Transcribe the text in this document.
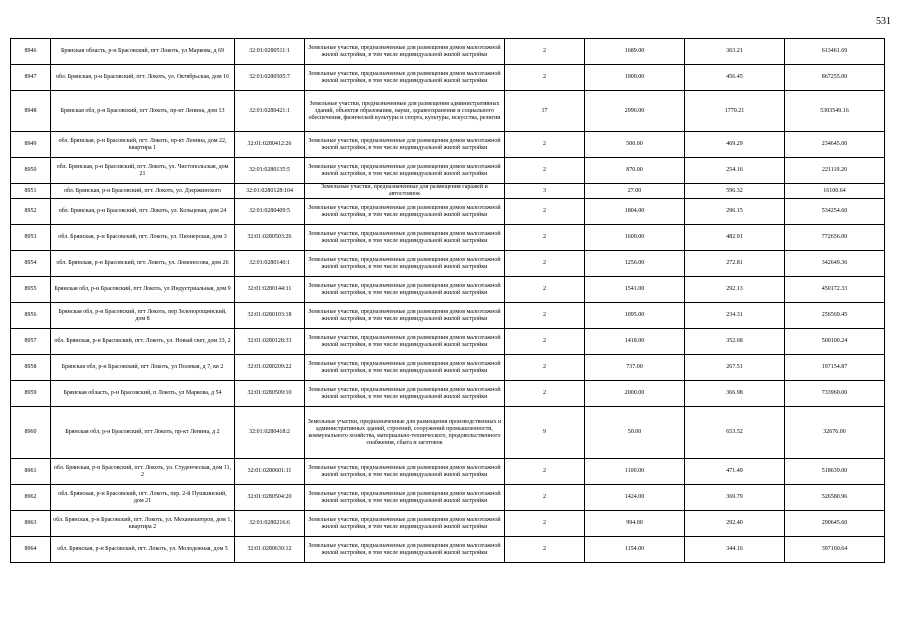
531
8946	Брянская область, р-н Брасовский, пгт Локоть, ул Маркова, д 69	32:01:0280511:1	Земельные участки, предназначенные для размещения домов малоэтажной жилой застройки, в том числе индивидуальной жилой застройки	2	1689.00	363.21	613461.69
8947	обл. Брянская, р-н Брасовский, пгт. Локоть, ул. Октябрьская, дом 16	32:01:0280505:7	Земельные участки, предназначенные для размещения домов малоэтажной жилой застройки, в том числе индивидуальной жилой застройки	2	1900.00	456.45	867255.00
8948	Брянская обл, р-н Брасовский, пгт Локоть, пр-кт Ленина, дом 13	32:01:0280421:1	Земельные участки, предназначенные для размещения административных зданий, объектов образования, науки, здравоохранения и социального обеспечения, физической культуры и спорта, культуры, искусства, религии	17	2996.00	1770.21	5303549.16
8949	обл. Брянская, р-н Брасовский, пгт. Локоть, пр-кт Ленина, дом 22, квартира 1	32:01:0280412:26	Земельные участки, предназначенные для размещения домов малоэтажной жилой застройки, в том числе индивидуальной жилой застройки	2	500.00	469.29	234645.00
8950	обл. Брянская, р-н Брасовский, пгт. Локоть, ул. Чистопольская, дом 21	32:01:0280135:5	Земельные участки, предназначенные для размещения домов малоэтажной жилой застройки, в том числе индивидуальной жилой застройки	2	870.00	254.16	221119.20
8951	обл. Брянская, р-н Брасовский, пгт. Локоть, ул. Дзержинского	32:01:0280128:104	Земельные участки, предназначенные для размещения гаражей и автостоянок	3	27.00	596.32	16100.64
8952	обл. Брянская, р-н Брасовский, пгт. Локоть, ул. Кольцевая, дом 24	32:01:0280409:5	Земельные участки, предназначенные для размещения домов малоэтажной жилой застройки, в том числе индивидуальной жилой застройки	2	1804.00	296.15	534254.60
8953	обл. Брянская, р-н Брасовский, пгт. Локоть, ул. Пионерская, дом 3	32:01:0280503:26	Земельные участки, предназначенные для размещения домов малоэтажной жилой застройки, в том числе индивидуальной жилой застройки	2	1600.00	482.91	772656.00
8954	обл. Брянская, р-н Брасовский, пгт. Локоть, ул. Ломоносова, дом 26	32:01:0280140:1	Земельные участки, предназначенные для размещения домов малоэтажной жилой застройки, в том числе индивидуальной жилой застройки	2	1256.00	272.81	342649.36
8955	Брянская обл, р-н Брасовский, пгт Локоть, ул Индустриальная, дом 9	32:01:0280144:11	Земельные участки, предназначенные для размещения домов малоэтажной жилой застройки, в том числе индивидуальной жилой застройки	2	1541.00	292.13	450172.33
8956	Брянская обл, р-н Брасовский, пгт Локоть, пер Зеленорощинский, дом 8	32:01:0280103:18	Земельные участки, предназначенные для размещения домов малоэтажной жилой застройки, в том числе индивидуальной жилой застройки	2	1095.00	234.31	256569.45
8957	обл. Брянская, р-н Брасовский, пгт. Локоть, ул. Новый свет, дом 33, 2	32:01:0280128:33	Земельные участки, предназначенные для размещения домов малоэтажной жилой застройки, в том числе индивидуальной жилой застройки	2	1418.00	352.68	500100.24
8958	Брянская обл, р-н Брасовский, пгт Локоть, ул Полевая, д 7, кв 2	32:01:0280209:22	Земельные участки, предназначенные для размещения домов малоэтажной жилой застройки, в том числе индивидуальной жилой застройки	2	737.00	267.51	197154.87
8959	Брянская область, р-н Брасовский, п Локоть, ул Маркова, д 54	32:01:0280509:10	Земельные участки, предназначенные для размещения домов малоэтажной жилой застройки, в том числе индивидуальной жилой застройки	2	2000.00	366.98	733960.00
8960	Брянская обл, р-н Брасовский, пгт Локоть, пр-кт Ленина, д 2	32:01:0280418:2	Земельные участки, предназначенные для размещения производственных и административных зданий, строений, сооружений промышленности, коммунального хозяйства, материально-технического, продовольственного снабжения, сбыта и заготовок	9	50.00	653.52	32676.00
8961	обл. Брянская, р-н Брасовский, пгт. Локоть, ул. Студенческая, дом 11, 2	32:01:0280601:11	Земельные участки, предназначенные для размещения домов малоэтажной жилой застройки, в том числе индивидуальной жилой застройки	2	1100.00	471.49	518639.00
8962	обл. Брянская, р-н Брасовский, пгт. Локоть, пер. 2-й Пушкинский, дом 21	32:01:0280504:20	Земельные участки, предназначенные для размещения домов малоэтажной жилой застройки, в том числе индивидуальной жилой застройки	2	1424.00	369.79	526580.96
8963	обл. Брянская, р-н Брасовский, пгт. Локоть, ул. Механизаторов, дом 1, квартира 2	32:01:0280216:6	Земельные участки, предназначенные для размещения домов малоэтажной жилой застройки, в том числе индивидуальной жилой застройки	2	994.00	292.40	290645.60
8964	обл. Брянская, р-н Брасовский, пгт. Локоть, ул. Молодежная, дом 5	32:01:0280630:12	Земельные участки, предназначенные для размещения домов малоэтажной жилой застройки, в том числе индивидуальной жилой застройки	2	1154.00	344.16	397160.64
